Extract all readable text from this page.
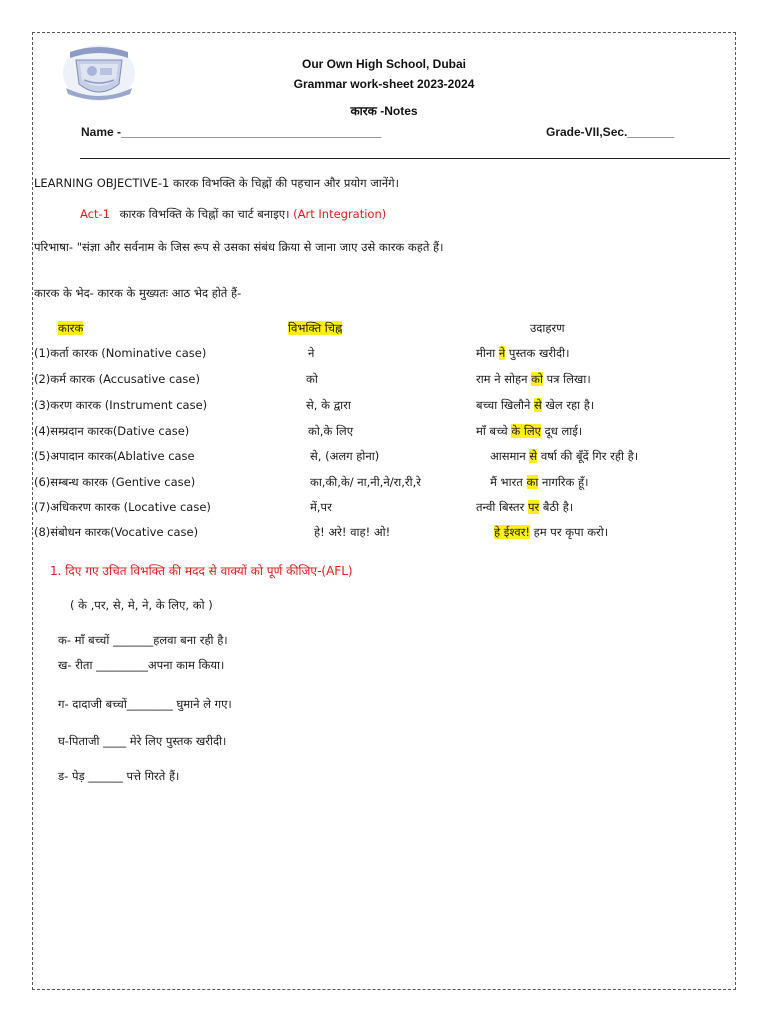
Our Own High School, Dubai
Grammar work-sheet 2023-2024
कारक -Notes
Name -_______________________________________	Grade-VII,Sec._______
LEARNING OBJECTIVE-1 कारक विभक्ति के चिह्नों की पहचान और प्रयोग जानेंगे।
Act-1 कारक विभक्ति के चिह्नों का चार्ट बनाइए। (Art Integration)
परिभाषा- "संज्ञा और सर्वनाम के जिस रूप से उसका संबंध क्रिया से जाना जाए उसे कारक कहते हैं।
कारक के भेद- कारक के मुख्यतः आठ भेद होते हैं-
कारक	विभक्ति चिह्न	उदाहरण
(1)कर्ता कारक (Nominative case)	ने	मीना ने पुस्तक खरीदी।
(2)कर्म कारक (Accusative case)	को	राम ने सोहन को पत्र लिखा।
(3)करण कारक (Instrument case)	से, के द्वारा	बच्चा खिलौने से खेल रहा है।
(4)सम्प्रदान कारक(Dative case)	को,के लिए	माँ बच्चे के लिए दूध लाई।
(5)अपादान कारक(Ablative case	से, (अलग होना)	आसमान से वर्षा की बूँदें गिर रही है।
(6)सम्बन्ध कारक (Gentive case)	का,की,के/ ना,नी,ने/रा,री,रे	मैं भारत का नागरिक हूँ।
(7)अधिकरण कारक (Locative case)	में,पर	तन्वी बिस्तर पर बैठी है।
(8)संबोधन कारक(Vocative case)	हे! अरे! वाह! ओ!	हे ईश्वर! हम पर कृपा करो।
1. दिए गए उचित विभक्ति की मदद से वाक्यों को पूर्ण कीजिए-(AFL)
( के ,पर, से, मे, ने, के लिए, को )
क- माँ बच्चों _______हलवा बना रही है।
ख- रीता _________अपना काम किया।
ग- दादाजी बच्चों________ घुमाने ले गए।
घ-पिताजी ____ मेरे लिए पुस्तक खरीदी।
ड- पेड़ ______ पत्ते गिरते हैं।
